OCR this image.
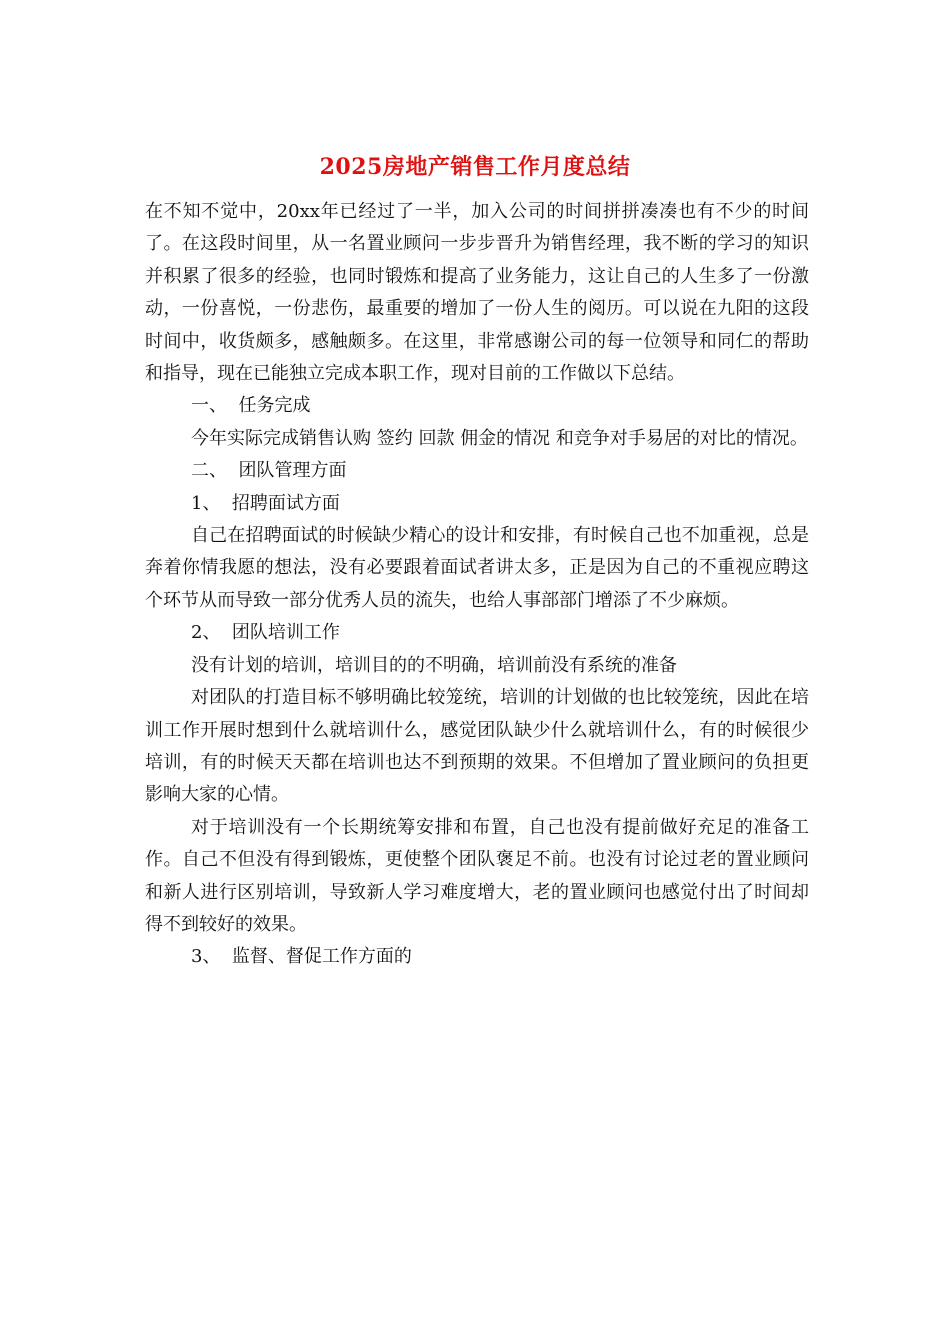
2025房地产销售工作月度总结

在不知不觉中，20xx年已经过了一半，加入公司的时间拼拼凑凑也有不少的时间了。在这段时间里，从一名置业顾问一步步晋升为销售经理，我不断的学习的知识并积累了很多的经验，也同时锻炼和提高了业务能力，这让自己的人生多了一份激动，一份喜悦，一份悲伤，最重要的增加了一份人生的阅历。可以说在九阳的这段时间中，收货颇多，感触颇多。在这里，非常感谢公司的每一位领导和同仁的帮助和指导，现在已能独立完成本职工作，现对目前的工作做以下总结。

一、  任务完成

今年实际完成销售认购 签约 回款 佣金的情况 和竞争对手易居的对比的情况。

二、  团队管理方面

1、  招聘面试方面

自己在招聘面试的时候缺少精心的设计和安排，有时候自己也不加重视，总是奔着你情我愿的想法，没有必要跟着面试者讲太多，正是因为自己的不重视应聘这个环节从而导致一部分优秀人员的流失，也给人事部部门增添了不少麻烦。

2、  团队培训工作

没有计划的培训，培训目的的不明确，培训前没有系统的准备

对团队的打造目标不够明确比较笼统，培训的计划做的也比较笼统，因此在培训工作开展时想到什么就培训什么，感觉团队缺少什么就培训什么，有的时候很少培训，有的时候天天都在培训也达不到预期的效果。不但增加了置业顾问的负担更影响大家的心情。

对于培训没有一个长期统筹安排和布置，自己也没有提前做好充足的准备工作。自己不但没有得到锻炼，更使整个团队褒足不前。也没有讨论过老的置业顾问和新人进行区别培训，导致新人学习难度增大，老的置业顾问也感觉付出了时间却得不到较好的效果。

3、  监督、督促工作方面的
